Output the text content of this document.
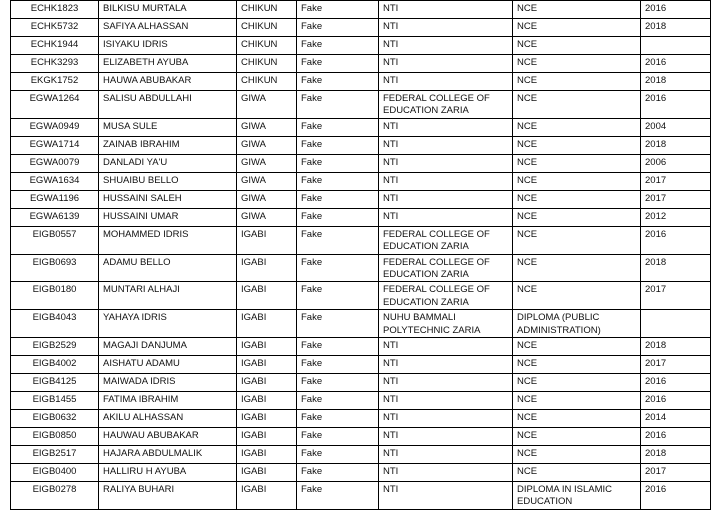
ECHK1823	BILKISU MURTALA	CHIKUN	Fake	NTI	NCE	2016
ECHK5732	SAFIYA ALHASSAN	CHIKUN	Fake	NTI	NCE	2018
ECHK1944	ISIYAKU IDRIS	CHIKUN	Fake	NTI	NCE	
ECHK3293	ELIZABETH AYUBA	CHIKUN	Fake	NTI	NCE	2016
EKGK1752	HAUWA ABUBAKAR	CHIKUN	Fake	NTI	NCE	2018
EGWA1264	SALISU ABDULLAHI	GIWA	Fake	FEDERAL COLLEGE OF EDUCATION ZARIA	NCE	2016
EGWA0949	MUSA SULE	GIWA	Fake	NTI	NCE	2004
EGWA1714	ZAINAB IBRAHIM	GIWA	Fake	NTI	NCE	2018
EGWA0079	DANLADI YA'U	GIWA	Fake	NTI	NCE	2006
EGWA1634	SHUAIBU BELLO	GIWA	Fake	NTI	NCE	2017
EGWA1196	HUSSAINI SALEH	GIWA	Fake	NTI	NCE	2017
EGWA6139	HUSSAINI UMAR	GIWA	Fake	NTI	NCE	2012
EIGB0557	MOHAMMED IDRIS	IGABI	Fake	FEDERAL COLLEGE OF EDUCATION ZARIA	NCE	2016
EIGB0693	ADAMU BELLO	IGABI	Fake	FEDERAL COLLEGE OF EDUCATION ZARIA	NCE	2018
EIGB0180	MUNTARI ALHAJI	IGABI	Fake	FEDERAL COLLEGE OF EDUCATION ZARIA	NCE	2017
EIGB4043	YAHAYA IDRIS	IGABI	Fake	NUHU BAMMALI POLYTECHNIC ZARIA	DIPLOMA (PUBLIC ADMINISTRATION)	
EIGB2529	MAGAJI DANJUMA	IGABI	Fake	NTI	NCE	2018
EIGB4002	AISHATU ADAMU	IGABI	Fake	NTI	NCE	2017
EIGB4125	MAIWADA IDRIS	IGABI	Fake	NTI	NCE	2016
EIGB1455	FATIMA IBRAHIM	IGABI	Fake	NTI	NCE	2016
EIGB0632	AKILU ALHASSAN	IGABI	Fake	NTI	NCE	2014
EIGB0850	HAUWAU ABUBAKAR	IGABI	Fake	NTI	NCE	2016
EIGB2517	HAJARA ABDULMALIK	IGABI	Fake	NTI	NCE	2018
EIGB0400	HALLIRU H AYUBA	IGABI	Fake	NTI	NCE	2017
EIGB0278	RALIYA BUHARI	IGABI	Fake	NTI	DIPLOMA IN ISLAMIC EDUCATION	2016
